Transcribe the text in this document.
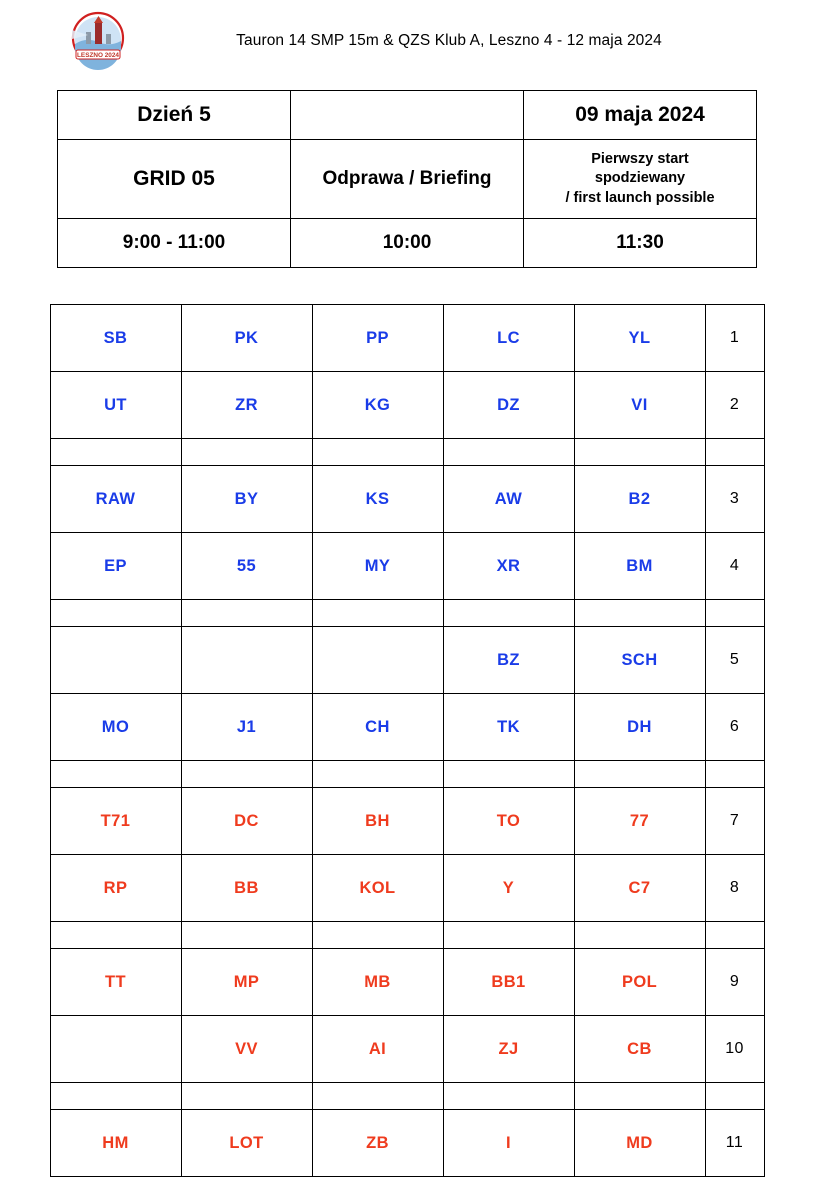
LESZNO 2024
Tauron 14 SMP 15m & QZS Klub A, Leszno 4 - 12 maja 2024
Dzień 5		09 maja 2024
GRID 05	Odprawa / Briefing	Pierwszy start
spodziewany
/ first launch possible

9:00 - 11:00	10:00	11:30
SB	PK	PP	LC	YL	1
UT	ZR	KG	DZ	VI	2

RAW	BY	KS	AW	B2	3
EP	55	MY	XR	BM	4

			BZ	SCH	5
MO	J1	CH	TK	DH	6

T71	DC	BH	TO	77	7
RP	BB	KOL	Y	C7	8

TT	MP	MB	BB1	POL	9
	VV	AI	ZJ	CB	10

HM	LOT	ZB	I	MD	11
